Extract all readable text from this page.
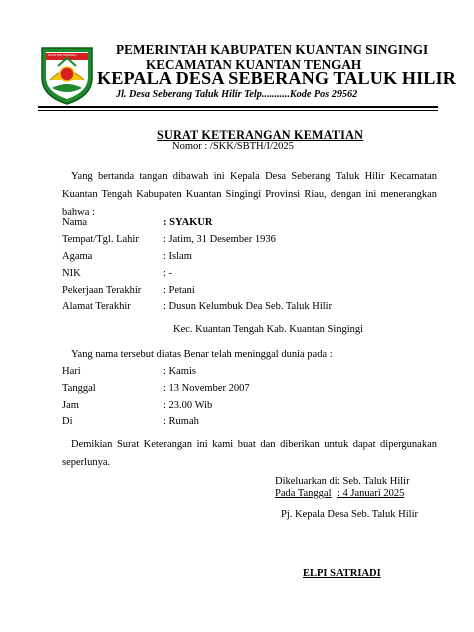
KUANTAN SINGINGI	PEMERINTAH KABUPATEN KUANTAN SINGINGI
KECAMATAN KUANTAN TENGAH
KEPALA DESA SEBERANG TALUK HILIR
Jl. Desa Seberang Taluk Hilir Telp...........Kode Pos 29562
SURAT KETERANGAN KEMATIAN
Nomor : /SKK/SBTH/I/2025
Yang bertanda tangan dibawah ini Kepala Desa Seberang Taluk Hilir Kecamatan Kuantan Tengah Kabupaten Kuantan Singingi Provinsi Riau, dengan ini menerangkan bahwa :
Nama	: SYAKUR
Tempat/Tgl. Lahir : Jatim, 31 Desember 1936
Agama	: Islam
NIK	: -
Pekerjaan Terakhir : Petani
Alamat Terakhir	: Dusun Kelumbuk Dea Seb. Taluk Hilir
Kec. Kuantan Tengah Kab. Kuantan Singingi
Yang nama tersebut diatas Benar telah meninggal dunia pada :
Hari	: Kamis
Tanggal	: 13 November 2007
Jam	: 23.00 Wib
Di	: Rumah
Demikian Surat Keterangan ini kami buat dan diberikan untuk dapat dipergunakan seperlunya.
Dikeluarkan di : Seb. Taluk Hilir
Pada Tanggal : 4 Januari 2025
Pj. Kepala Desa Seb. Taluk Hilir
ELPI SATRIADI
